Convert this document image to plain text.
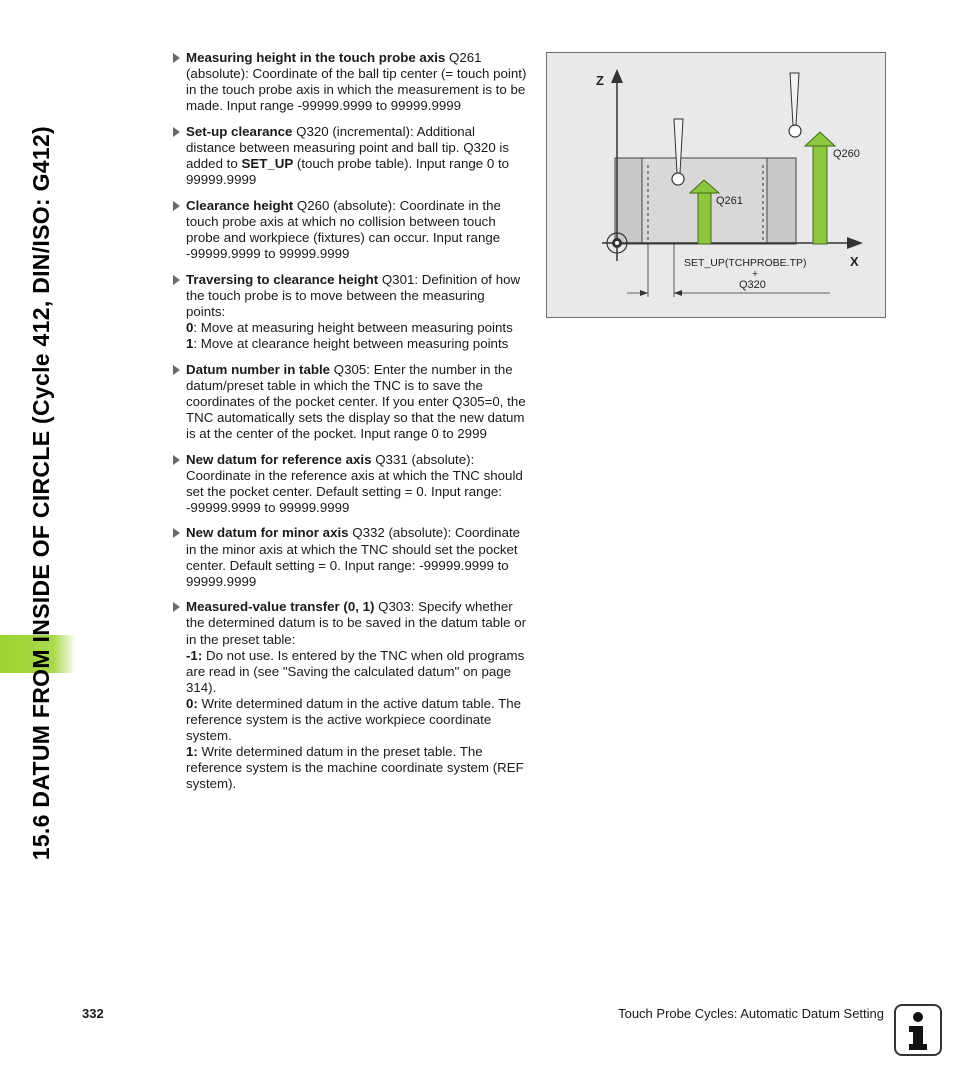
15.6 DATUM FROM INSIDE OF CIRCLE (Cycle 412, DIN/ISO: G412)

Measuring height in the touch probe axis Q261 (absolute): Coordinate of the ball tip center (= touch point) in the touch probe axis in which the measurement is to be made. Input range -99999.9999 to 99999.9999

Set-up clearance Q320 (incremental): Additional distance between measuring point and ball tip. Q320 is added to SET_UP (touch probe table). Input range 0 to 99999.9999

Clearance height Q260 (absolute): Coordinate in the touch probe axis at which no collision between touch probe and workpiece (fixtures) can occur. Input range -99999.9999 to 99999.9999

Traversing to clearance height Q301: Definition of how the touch probe is to move between the measuring points:

0: Move at measuring height between measuring points

1: Move at clearance height between measuring points

Datum number in table Q305: Enter the number in the datum/preset table in which the TNC is to save the coordinates of the pocket center. If you enter Q305=0, the TNC automatically sets the display so that the new datum is at the center of the pocket. Input range 0 to 2999

New datum for reference axis Q331 (absolute): Coordinate in the reference axis at which the TNC should set the pocket center. Default setting = 0. Input range: -99999.9999 to 99999.9999

New datum for minor axis Q332 (absolute): Coordinate in the minor axis at which the TNC should set the pocket center. Default setting = 0. Input range: -99999.9999 to 99999.9999

Measured-value transfer (0, 1) Q303: Specify whether the determined datum is to be saved in the datum table or in the preset table:

-1: Do not use. Is entered by the TNC when old programs are read in (see "Saving the calculated datum" on page 314).

0: Write determined datum in the active datum table. The reference system is the active workpiece coordinate system.

1: Write determined datum in the preset table. The reference system is the machine coordinate system (REF system).

Z
X
Q260
Q261
SET_UP(TCHPROBE.TP)
+
Q320
332	Touch Probe Cycles: Automatic Datum Setting
